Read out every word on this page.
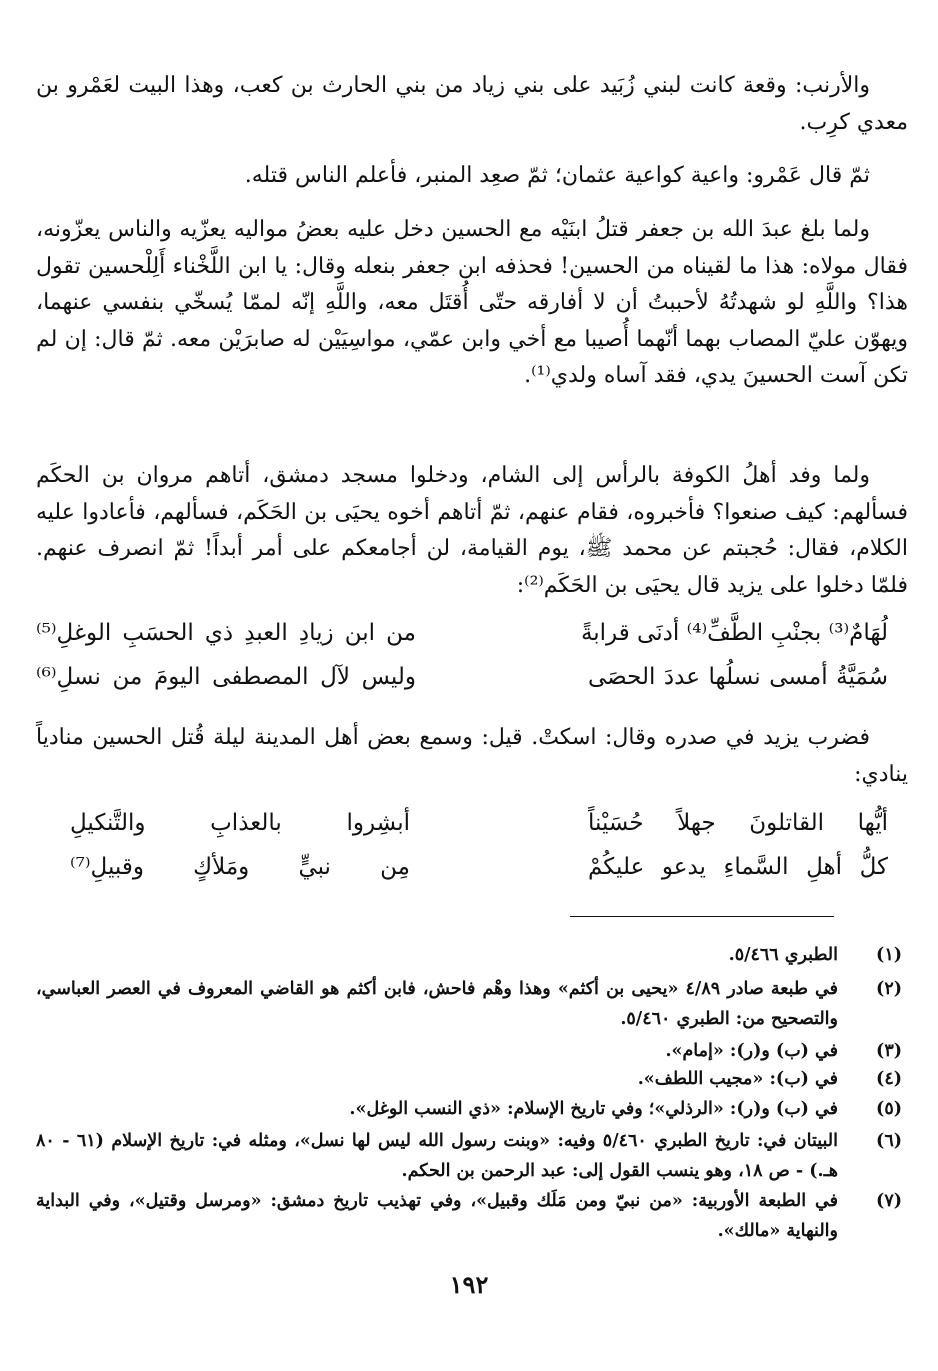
والأرنب: وقعة كانت لبني زُبَيد على بني زياد من بني الحارث بن كعب، وهذا البيت لعَمْرو بن معدي كرِب.

ثمّ قال عَمْرو: واعية كواعية عثمان؛ ثمّ صعِد المنبر، فأعلم الناس قتله.

ولما بلغ عبدَ الله بن جعفر قتلُ ابنَيْه مع الحسين دخل عليه بعضُ مواليه يعزّيه والناس يعزّونه، فقال مولاه: هذا ما لقيناه من الحسين! فحذفه ابن جعفر بنعله وقال: يا ابن اللَّخْناء أَلِلْحسين تقول هذا؟ واللَّهِ لو شهدتُهُ لأحببتُ أن لا أفارقه حتّى أُقتَل معه، واللَّهِ إنّه لممّا يُسخّي بنفسي عنهما، ويهوّن عليّ المصاب بهما أنّهما أُصيبا مع أخي وابن عمّي، مواسِيَيْن له صابرَيْن معه. ثمّ قال: إن لم تكن آست الحسينَ يدي، فقد آساه ولدي⁽¹⁾.

ولما وفد أهلُ الكوفة بالرأس إلى الشام، ودخلوا مسجد دمشق، أتاهم مروان بن الحكَم فسألهم: كيف صنعوا؟ فأخبروه، فقام عنهم، ثمّ أتاهم أخوه يحيَى بن الحَكَم، فسألهم، فأعادوا عليه الكلام، فقال: حُجبتم عن محمد ﷺ، يوم القيامة، لن أجامعكم على أمر أبداً! ثمّ انصرف عنهم. فلمّا دخلوا على يزيد قال يحيَى بن الحَكَم⁽²⁾:

لُهَامٌ⁽³⁾ بجنْبِ الطَّفِّ⁽⁴⁾ أدنَى قرابةً
من ابن زيادِ العبدِ ذي الحسَبِ الوغلِ⁽⁵⁾
سُمَيَّةُ أمسى نسلُها عددَ الحصَى
وليس لآل المصطفى اليومَ من نسلِ⁽⁶⁾

فضرب يزيد في صدره وقال: اسكتْ. قيل: وسمع بعض أهل المدينة ليلة قُتل الحسين منادياً ينادي:

أيُّها القاتلونَ جهلاً حُسَيْناً
أبشِروا بالعذابِ والتَّنكيلِ
كلُّ أهلِ السَّماءِ يدعو عليكُمْ
مِن نبيٍّ ومَلأكٍ وقبيلِ⁽⁷⁾
(١)
الطبري ٥/٤٦٦.
(٢)
في طبعة صادر ٤/٨٩ «يحيى بن أكثم» وهذا وهْم فاحش، فابن أكثم هو القاضي المعروف في العصر العباسي، والتصحيح من: الطبري ٥/٤٦٠.
(٣)
في (ب) و(ر): «إمام».
(٤)
في (ب): «مجيب اللطف».
(٥)
في (ب) و(ر): «الرذلي»؛ وفي تاريخ الإسلام: «ذي النسب الوغل».
(٦)
البيتان في: تاريخ الطبري ٥/٤٦٠ وفيه: «وبنت رسول الله ليس لها نسل»، ومثله في: تاريخ الإسلام (٦١ - ٨٠ هـ.) - ص ١٨، وهو ينسب القول إلى: عبد الرحمن بن الحكم.
(٧)
في الطبعة الأوربية: «من نبيّ ومن مَلَك وقبيل»، وفي تهذيب تاريخ دمشق: «ومرسل وقتيل»، وفي البداية والنهاية «مالك».
١٩٢
